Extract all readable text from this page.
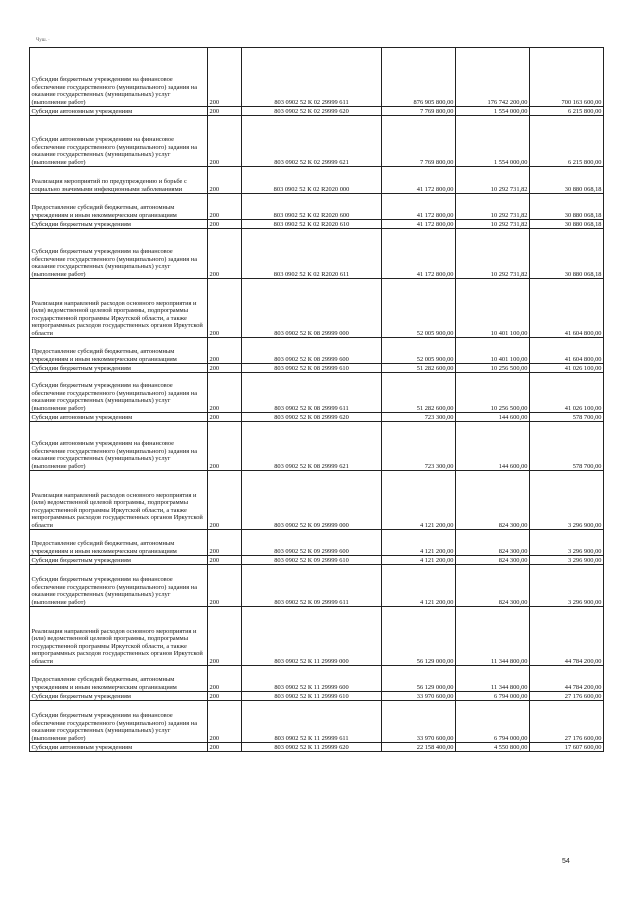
Чуш. ·
Субсидии бюджетным учреждениям на финансовое обеспечение государственного (муниципального) задания на оказание государственных (муниципальных) услуг (выполнение работ)	200	803 0902 52 К 02 29999 611	876 905 800,00	176 742 200,00	700 163 600,00
Субсидии автономным учреждениям	200	803 0902 52 К 02 29999 620	7 769 800,00	1 554 000,00	6 215 800,00
Субсидии автономным учреждениям на финансовое обеспечение государственного (муниципального) задания на оказание государственных (муниципальных) услуг (выполнение работ)	200	803 0902 52 К 02 29999 621	7 769 800,00	1 554 000,00	6 215 800,00
Реализация мероприятий по предупреждению и борьбе с социально значимыми инфекционными заболеваниями	200	803 0902 52 К 02 R2020 000	41 172 800,00	10 292 731,82	30 880 068,18
Предоставление субсидий бюджетным, автономным учреждениям и иным некоммерческим организациям	200	803 0902 52 К 02 R2020 600	41 172 800,00	10 292 731,82	30 880 068,18
Субсидии бюджетным учреждениям	200	803 0902 52 К 02 R2020 610	41 172 800,00	10 292 731,82	30 880 068,18
Субсидии бюджетным учреждениям на финансовое обеспечение государственного (муниципального) задания на оказание государственных (муниципальных) услуг (выполнение работ)	200	803 0902 52 К 02 R2020 611	41 172 800,00	10 292 731,82	30 880 068,18
Реализация направлений расходов основного мероприятия и (или) ведомственной целевой программы, подпрограммы государственной программы Иркутской области, а также непрограммных расходов государственных органов Иркутской области	200	803 0902 52 К 08 29999 000	52 005 900,00	10 401 100,00	41 604 800,00
Предоставление субсидий бюджетным, автономным учреждениям и иным некоммерческим организациям	200	803 0902 52 К 08 29999 600	52 005 900,00	10 401 100,00	41 604 800,00
Субсидии бюджетным учреждениям	200	803 0902 52 К 08 29999 610	51 282 600,00	10 256 500,00	41 026 100,00
Субсидии бюджетным учреждениям на финансовое обеспечение государственного (муниципального) задания на оказание государственных (муниципальных) услуг (выполнение работ)	200	803 0902 52 К 08 29999 611	51 282 600,00	10 256 500,00	41 026 100,00
Субсидии автономным учреждениям	200	803 0902 52 К 08 29999 620	723 300,00	144 600,00	578 700,00
Субсидии автономным учреждениям на финансовое обеспечение государственного (муниципального) задания на оказание государственных (муниципальных) услуг (выполнение работ)	200	803 0902 52 К 08 29999 621	723 300,00	144 600,00	578 700,00
Реализация направлений расходов основного мероприятия и (или) ведомственной целевой программы, подпрограммы государственной программы Иркутской области, а также непрограммных расходов государственных органов Иркутской области	200	803 0902 52 К 09 29999 000	4 121 200,00	824 300,00	3 296 900,00
Предоставление субсидий бюджетным, автономным учреждениям и иным некоммерческим организациям	200	803 0902 52 К 09 29999 600	4 121 200,00	824 300,00	3 296 900,00
Субсидии бюджетным учреждениям	200	803 0902 52 К 09 29999 610	4 121 200,00	824 300,00	3 296 900,00
Субсидии бюджетным учреждениям на финансовое обеспечение государственного (муниципального) задания на оказание государственных (муниципальных) услуг (выполнение работ)	200	803 0902 52 К 09 29999 611	4 121 200,00	824 300,00	3 296 900,00
Реализация направлений расходов основного мероприятия и (или) ведомственной целевой программы, подпрограммы государственной программы Иркутской области, а также непрограммных расходов государственных органов Иркутской области	200	803 0902 52 К 11 29999 000	56 129 000,00	11 344 800,00	44 784 200,00
Предоставление субсидий бюджетным, автономным учреждениям и иным некоммерческим организациям	200	803 0902 52 К 11 29999 600	56 129 000,00	11 344 800,00	44 784 200,00
Субсидии бюджетным учреждениям	200	803 0902 52 К 11 29999 610	33 970 600,00	6 794 000,00	27 176 600,00
Субсидии бюджетным учреждениям на финансовое обеспечение государственного (муниципального) задания на оказание государственных (муниципальных) услуг (выполнение работ)	200	803 0902 52 К 11 29999 611	33 970 600,00	6 794 000,00	27 176 600,00
Субсидии автономным учреждениям	200	803 0902 52 К 11 29999 620	22 158 400,00	4 550 800,00	17 607 600,00
54
